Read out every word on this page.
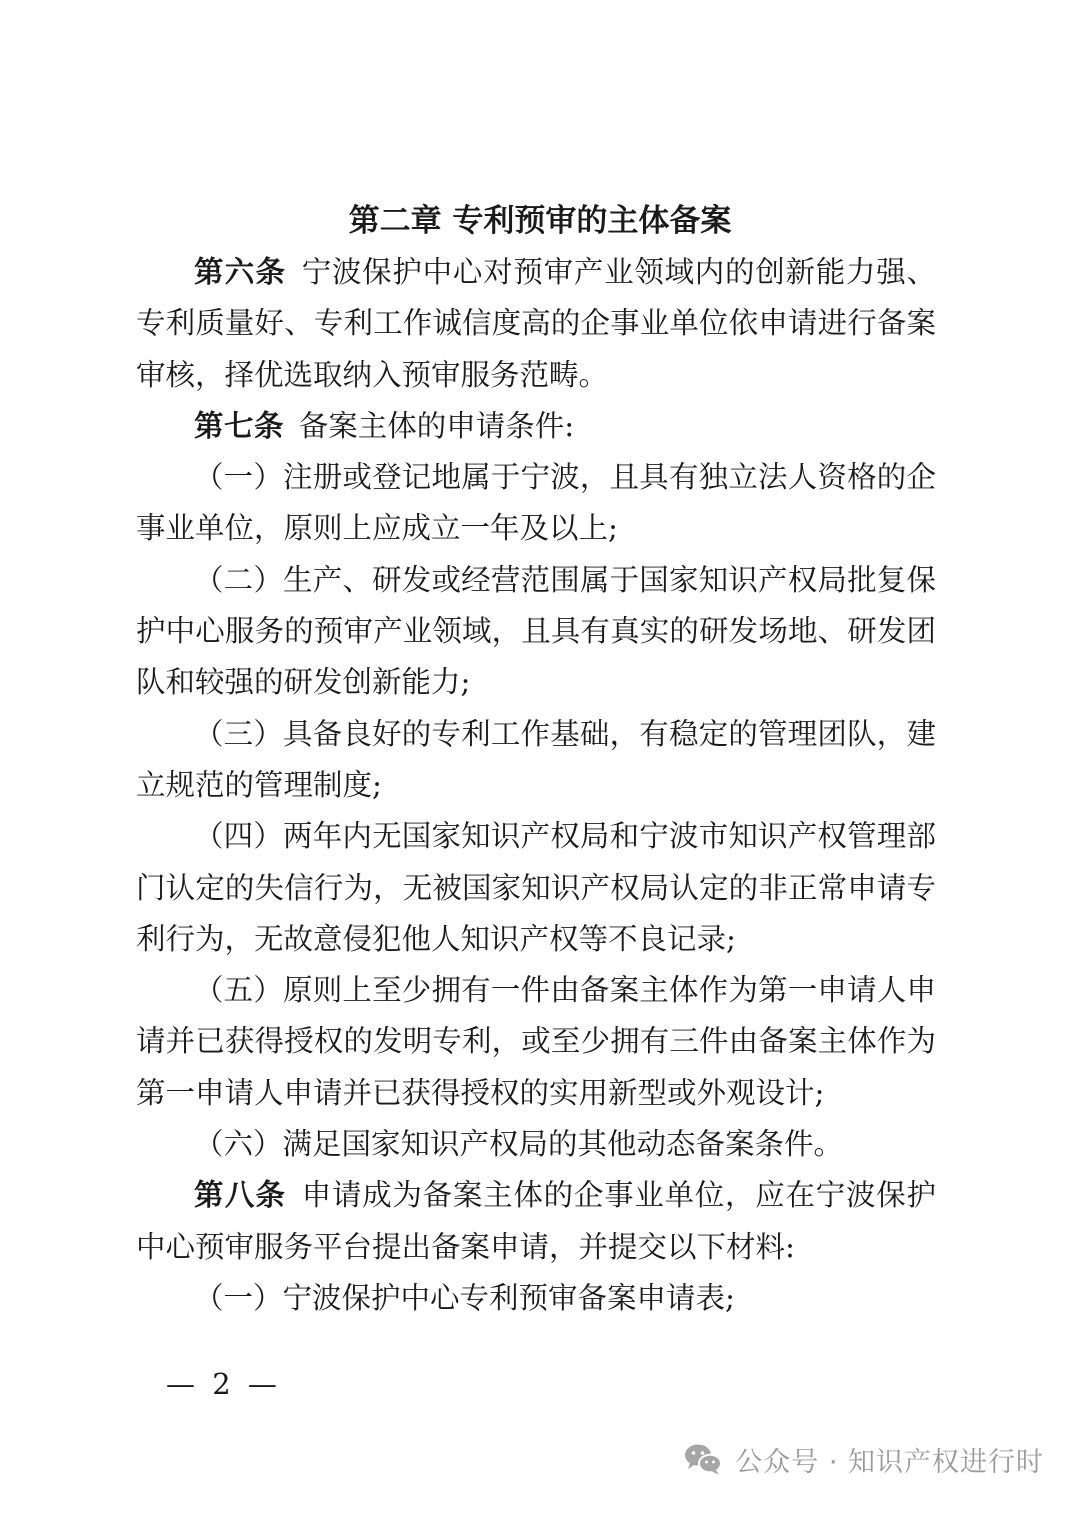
第二章 专利预审的主体备案

第六条  宁波保护中心对预审产业领域内的创新能力强、专利质量好、专利工作诚信度高的企事业单位依申请进行备案审核，择优选取纳入预审服务范畴。

第七条  备案主体的申请条件:

（一）注册或登记地属于宁波，且具有独立法人资格的企事业单位，原则上应成立一年及以上;

（二）生产、研发或经营范围属于国家知识产权局批复保护中心服务的预审产业领域，且具有真实的研发场地、研发团队和较强的研发创新能力;

（三）具备良好的专利工作基础，有稳定的管理团队，建立规范的管理制度;

（四）两年内无国家知识产权局和宁波市知识产权管理部门认定的失信行为，无被国家知识产权局认定的非正常申请专利行为，无故意侵犯他人知识产权等不良记录;

（五）原则上至少拥有一件由备案主体作为第一申请人申请并已获得授权的发明专利，或至少拥有三件由备案主体作为第一申请人申请并已获得授权的实用新型或外观设计;

（六）满足国家知识产权局的其他动态备案条件。

第八条  申请成为备案主体的企事业单位，应在宁波保护中心预审服务平台提出备案申请，并提交以下材料:

（一）宁波保护中心专利预审备案申请表;

— 2 —
公众号 · 知识产权进行时
